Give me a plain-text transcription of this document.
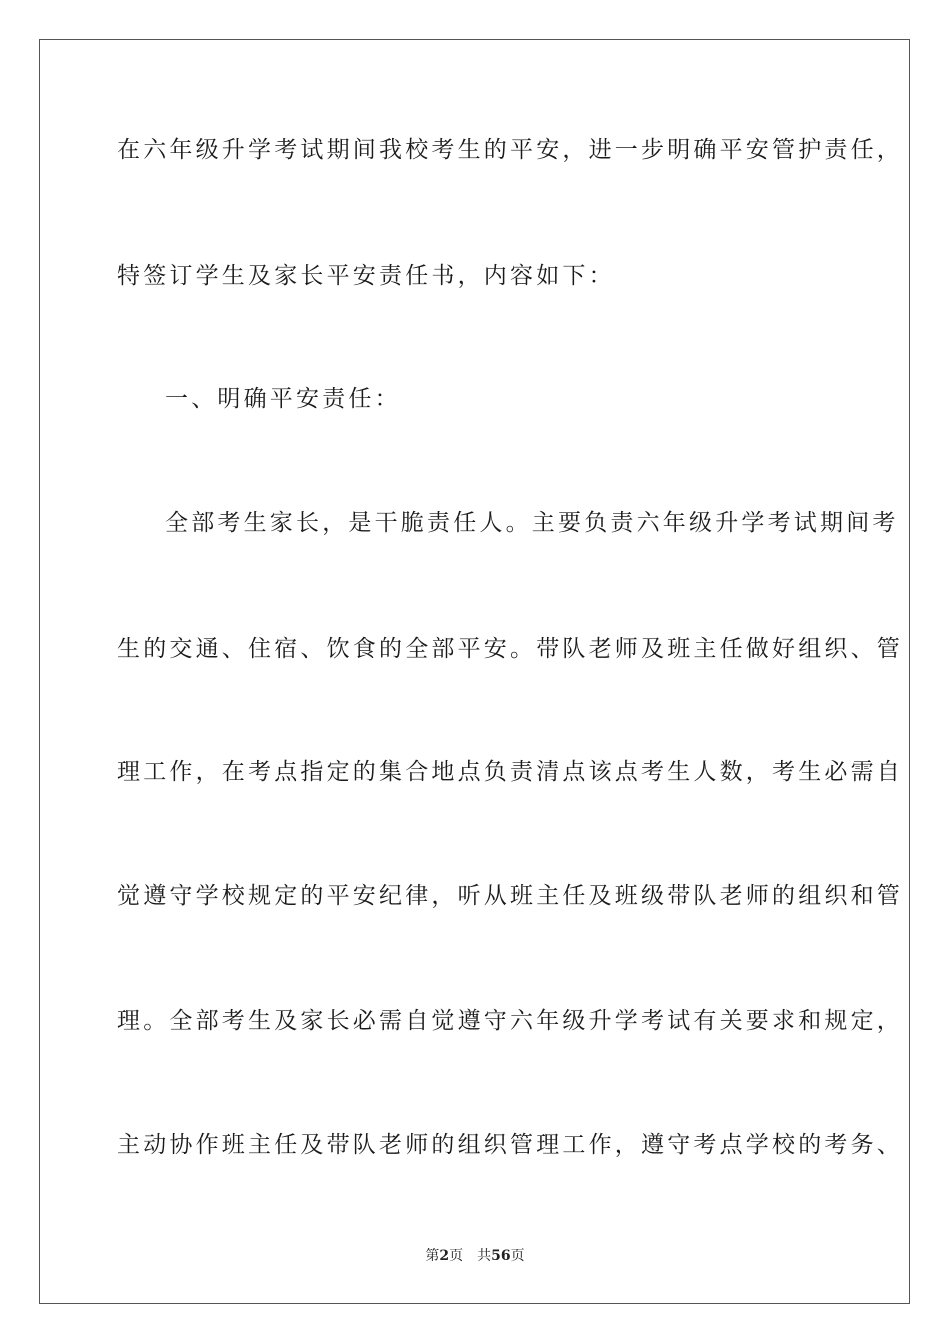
在六年级升学考试期间我校考生的平安，进一步明确平安管护责任，
特签订学生及家长平安责任书，内容如下：
一、明确平安责任：
全部考生家长，是干脆责任人。主要负责六年级升学考试期间考
生的交通、住宿、饮食的全部平安。带队老师及班主任做好组织、管
理工作，在考点指定的集合地点负责清点该点考生人数，考生必需自
觉遵守学校规定的平安纪律，听从班主任及班级带队老师的组织和管
理。全部考生及家长必需自觉遵守六年级升学考试有关要求和规定，
主动协作班主任及带队老师的组织管理工作，遵守考点学校的考务、
第2页 共56页
